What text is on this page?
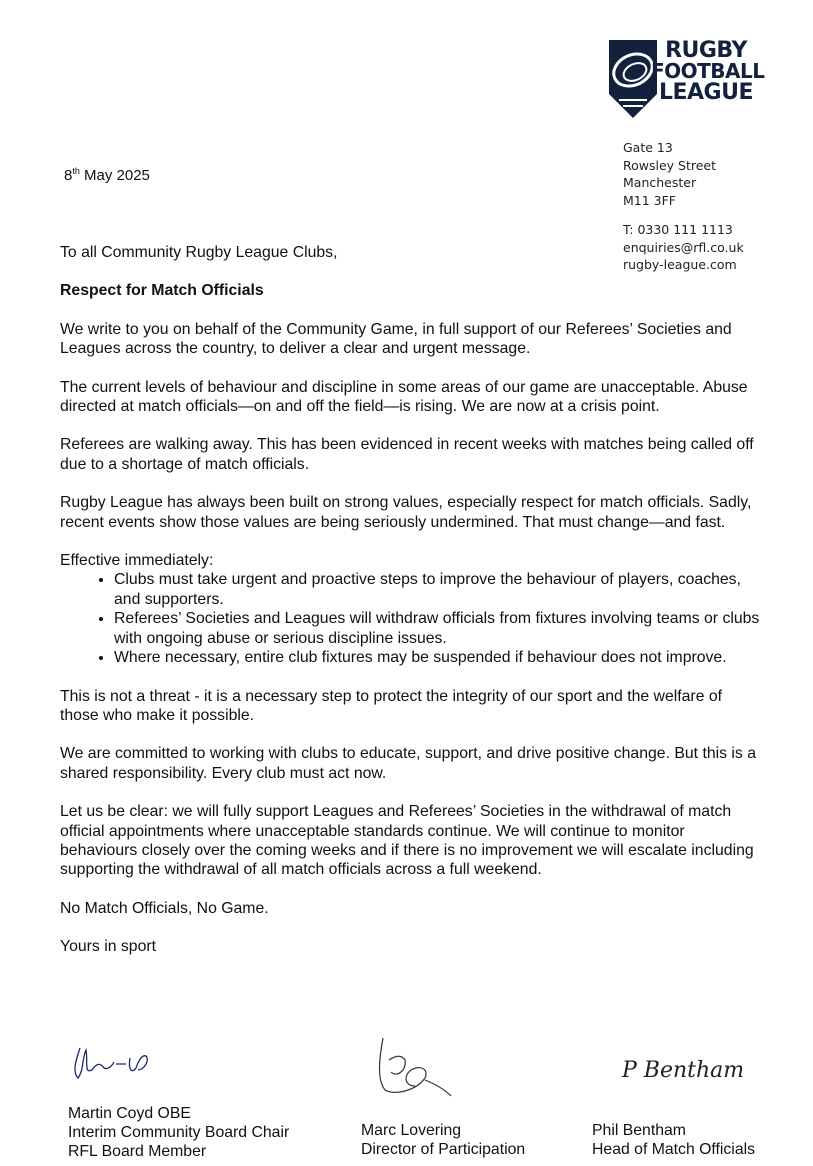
RUGBY
FOOTBALL
LEAGUE
Gate 13
Rowsley Street
Manchester
M11 3FF
T: 0330 111 1113
enquiries@rfl.co.uk
rugby-league.com
8th May 2025

To all Community Rugby League Clubs,

Respect for Match Officials

We write to you on behalf of the Community Game, in full support of our Referees’ Societies and Leagues across the country, to deliver a clear and urgent message.

The current levels of behaviour and discipline in some areas of our game are unacceptable. Abuse directed at match officials—on and off the field—is rising. We are now at a crisis point.

Referees are walking away. This has been evidenced in recent weeks with matches being called off due to a shortage of match officials.

Rugby League has always been built on strong values, especially respect for match officials. Sadly, recent events show those values are being seriously undermined. That must change—and fast.

Effective immediately:

• Clubs must take urgent and proactive steps to improve the behaviour of players, coaches, and supporters.
• Referees’ Societies and Leagues will withdraw officials from fixtures involving teams or clubs with ongoing abuse or serious discipline issues.
• Where necessary, entire club fixtures may be suspended if behaviour does not improve.

This is not a threat - it is a necessary step to protect the integrity of our sport and the welfare of those who make it possible.

We are committed to working with clubs to educate, support, and drive positive change. But this is a shared responsibility. Every club must act now.

Let us be clear: we will fully support Leagues and Referees’ Societies in the withdrawal of match official appointments where unacceptable standards continue. We will continue to monitor behaviours closely over the coming weeks and if there is no improvement we will escalate including supporting the withdrawal of all match officials across a full weekend.

No Match Officials, No Game.

Yours in sport

P Bentham
Martin Coyd OBE
Interim Community Board Chair
RFL Board Member
Marc Lovering
Director of Participation
Phil Bentham
Head of Match Officials
